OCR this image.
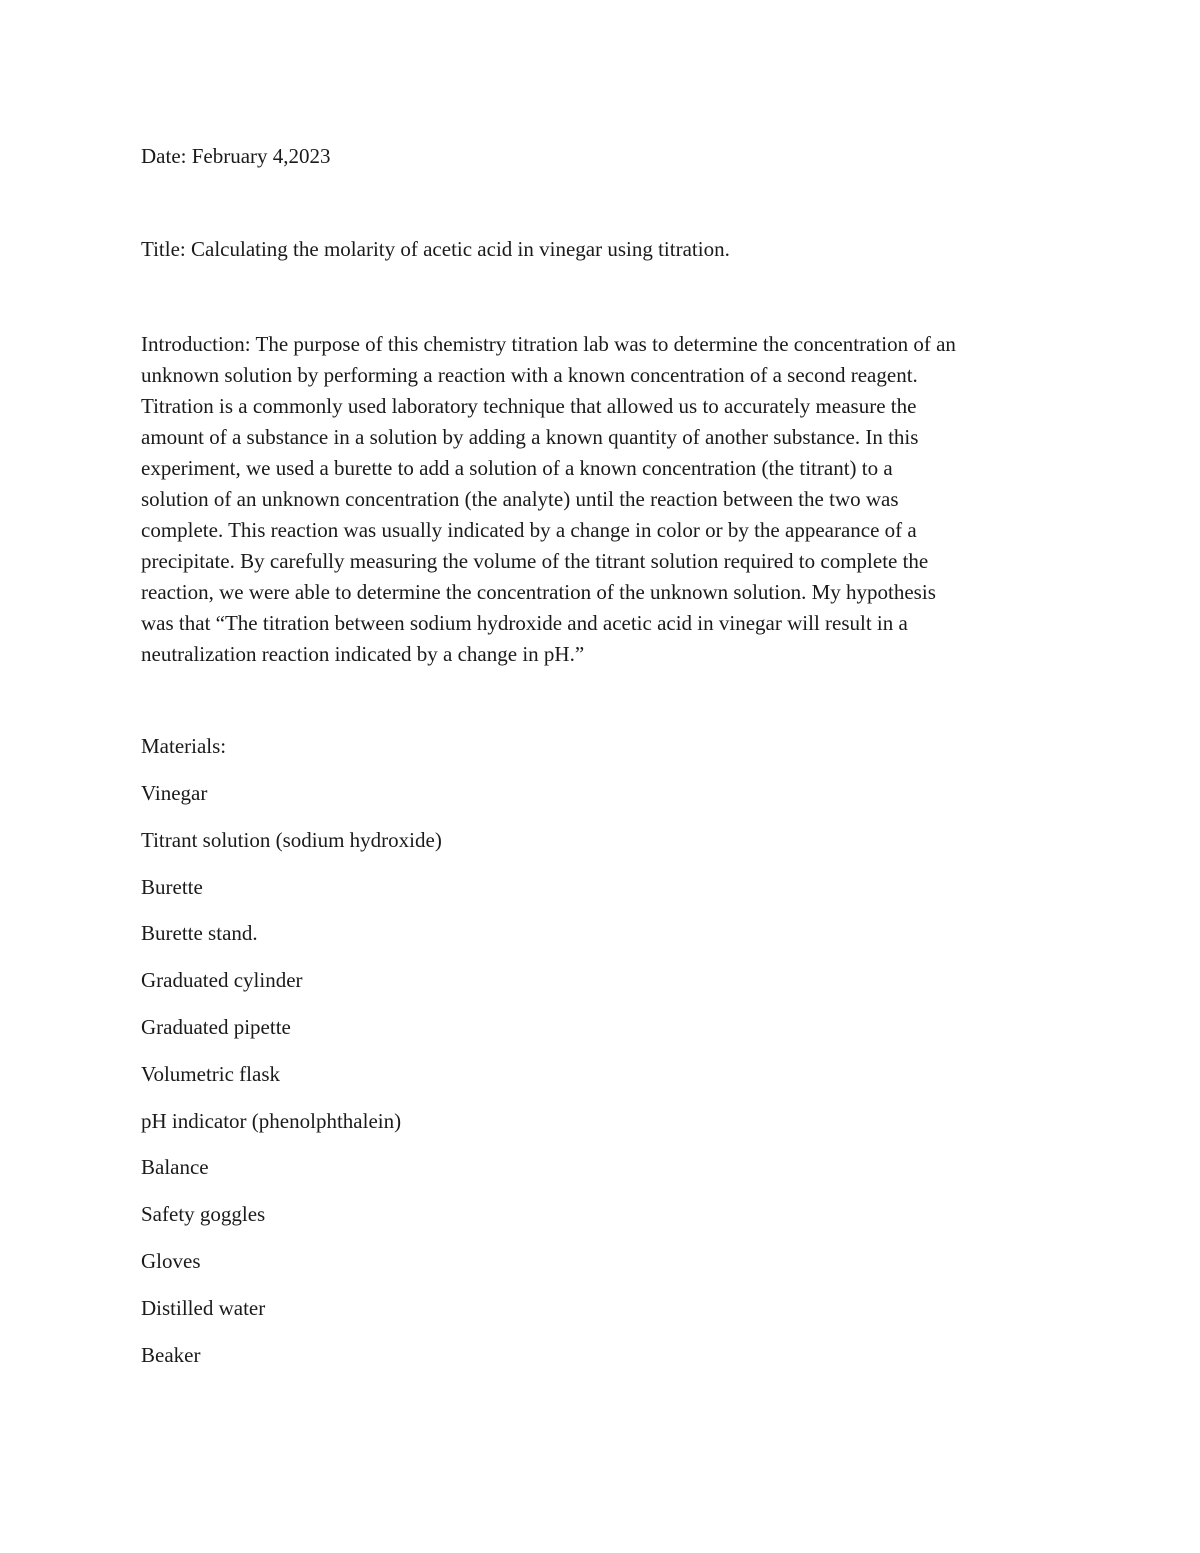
Date: February 4,2023
Title: Calculating the molarity of acetic acid in vinegar using titration.

Introduction: The purpose of this chemistry titration lab was to determine the concentration of an
unknown solution by performing a reaction with a known concentration of a second reagent.
Titration is a commonly used laboratory technique that allowed us to accurately measure the
amount of a substance in a solution by adding a known quantity of another substance. In this
experiment, we used a burette to add a solution of a known concentration (the titrant) to a
solution of an unknown concentration (the analyte) until the reaction between the two was
complete. This reaction was usually indicated by a change in color or by the appearance of a
precipitate. By carefully measuring the volume of the titrant solution required to complete the
reaction, we were able to determine the concentration of the unknown solution. My hypothesis
was that “The titration between sodium hydroxide and acetic acid in vinegar will result in a
neutralization reaction indicated by a change in pH.”

Materials:
Vinegar
Titrant solution (sodium hydroxide)
Burette
Burette stand.
Graduated cylinder
Graduated pipette
Volumetric flask
pH indicator (phenolphthalein)
Balance
Safety goggles
Gloves
Distilled water
Beaker
